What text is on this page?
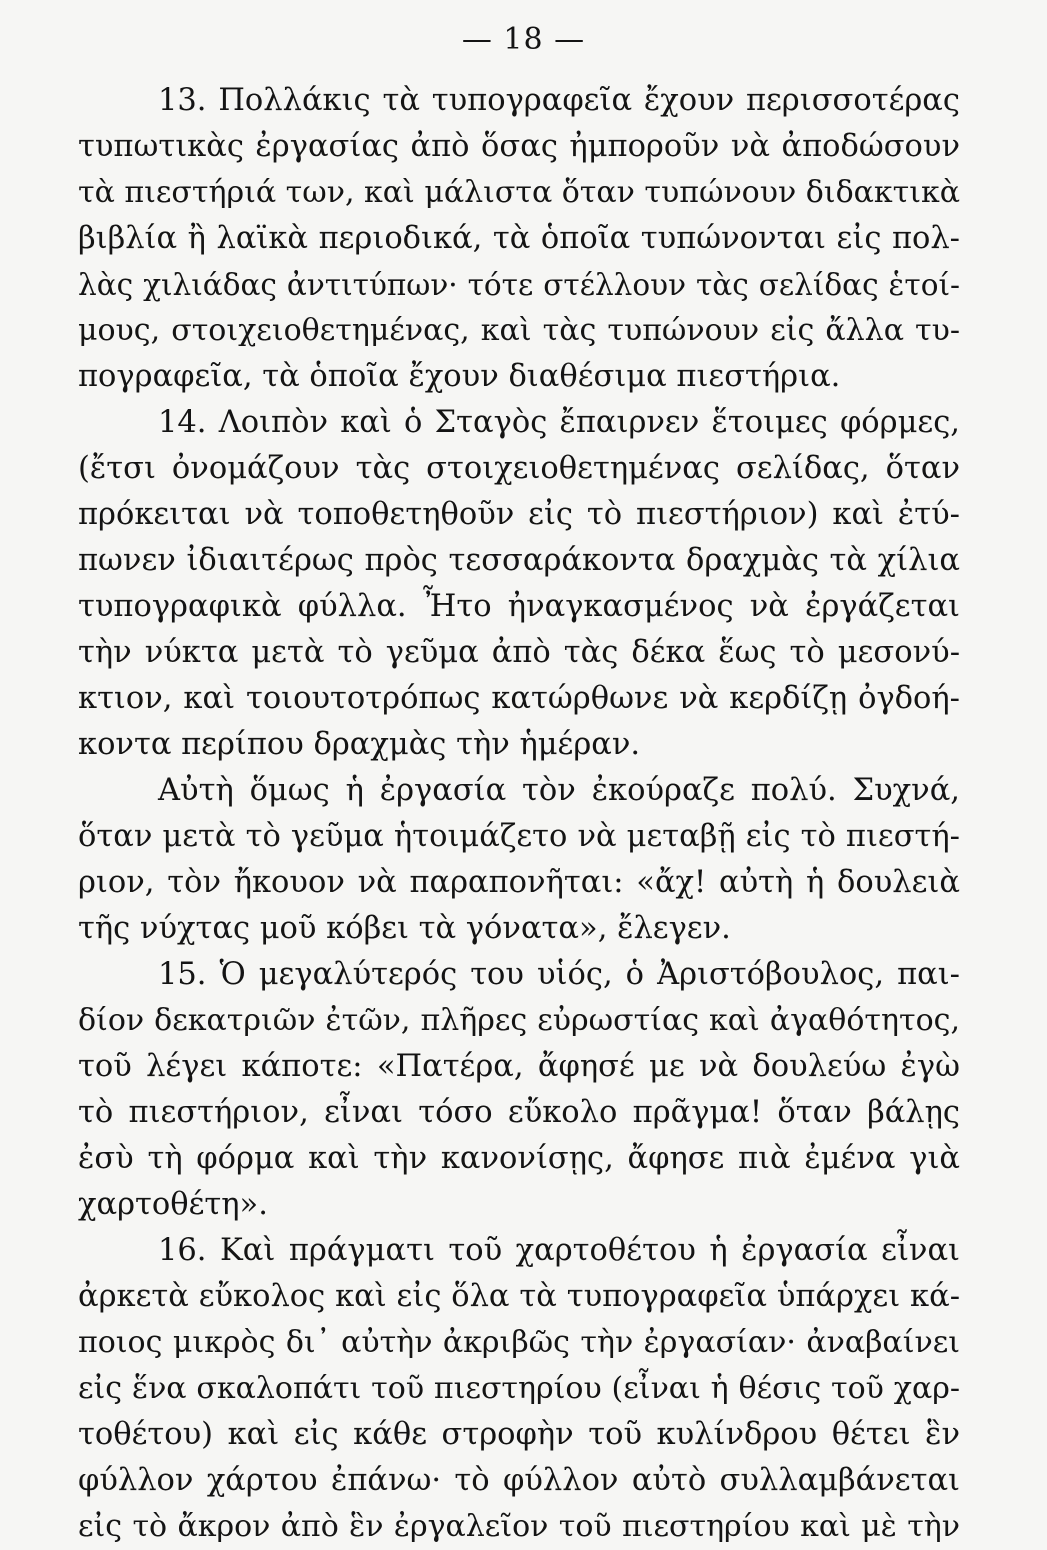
— 18 —
13. Πολλάκις τὰ τυπογραφεῖα ἔχουν περισσοτέρας
τυπωτικὰς ἐργασίας ἀπὸ ὅσας ἠμποροῦν νὰ ἀποδώσουν
τὰ πιεστήριά των, καὶ μάλιστα ὅταν τυπώνουν διδακτικὰ
βιβλία ἢ λαϊκὰ περιοδικά, τὰ ὁποῖα τυπώνονται εἰς πολ-
λὰς χιλιάδας ἀντιτύπων· τότε στέλλουν τὰς σελίδας ἑτοί-
μους, στοιχειοθετημένας, καὶ τὰς τυπώνουν εἰς ἄλλα τυ-
πογραφεῖα, τὰ ὁποῖα ἔχουν διαθέσιμα πιεστήρια.
14. Λοιπὸν καὶ ὁ Σταγὸς ἔπαιρνεν ἕτοιμες φόρμες,
(ἔτσι ὀνομάζουν τὰς στοιχειοθετημένας σελίδας, ὅταν
πρόκειται νὰ τοποθετηθοῦν εἰς τὸ πιεστήριον) καὶ ἐτύ-
πωνεν ἰδιαιτέρως πρὸς τεσσαράκοντα δραχμὰς τὰ χίλια
τυπογραφικὰ φύλλα. Ἦτο ἠναγκασμένος νὰ ἐργάζεται
τὴν νύκτα μετὰ τὸ γεῦμα ἀπὸ τὰς δέκα ἕως τὸ μεσονύ-
κτιον, καὶ τοιουτοτρόπως κατώρθωνε νὰ κερδίζῃ ὀγδοή-
κοντα περίπου δραχμὰς τὴν ἡμέραν.
Αὐτὴ ὅμως ἡ ἐργασία τὸν ἐκούραζε πολύ. Συχνά,
ὅταν μετὰ τὸ γεῦμα ἡτοιμάζετο νὰ μεταβῇ εἰς τὸ πιεστή-
ριον, τὸν ἤκουον νὰ παραπονῆται: «ἄχ! αὐτὴ ἡ δουλειὰ
τῆς νύχτας μοῦ κόβει τὰ γόνατα», ἔλεγεν.
15. Ὁ μεγαλύτερός του υἱός, ὁ Ἀριστόβουλος, παι-
δίον δεκατριῶν ἐτῶν, πλῆρες εὐρωστίας καὶ ἀγαθότητος,
τοῦ λέγει κάποτε: «Πατέρα, ἄφησέ με νὰ δουλεύω ἐγὼ
τὸ πιεστήριον, εἶναι τόσο εὔκολο πρᾶγμα! ὅταν βάλῃς
ἐσὺ τὴ φόρμα καὶ τὴν κανονίσῃς, ἄφησε πιὰ ἐμένα γιὰ
χαρτοθέτη».
16. Καὶ πράγματι τοῦ χαρτοθέτου ἡ ἐργασία εἶναι
ἀρκετὰ εὔκολος καὶ εἰς ὅλα τὰ τυπογραφεῖα ὑπάρχει κά-
ποιος μικρὸς δι᾿ αὐτὴν ἀκριβῶς τὴν ἐργασίαν· ἀναβαίνει
εἰς ἕνα σκαλοπάτι τοῦ πιεστηρίου (εἶναι ἡ θέσις τοῦ χαρ-
τοθέτου) καὶ εἰς κάθε στροφὴν τοῦ κυλίνδρου θέτει ἓν
φύλλον χάρτου ἐπάνω· τὸ φύλλον αὐτὸ συλλαμβάνεται
εἰς τὸ ἄκρον ἀπὸ ἓν ἐργαλεῖον τοῦ πιεστηρίου καὶ μὲ τὴν
